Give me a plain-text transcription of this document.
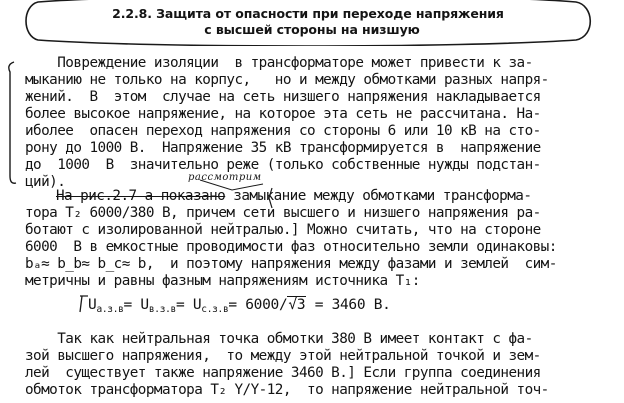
2.2.8. Защита от опасности при переходе напряжения
с высшей стороны на низшую
Повреждение изоляции  в трансформаторе может привести к за-
мыканию не только на корпус,   но и между обмотками разных напря-
жений.  В  этом  случае на сеть низшего напряжения накладывается
более высокое напряжение, на которое эта сеть не рассчитана. На-
иболее  опасен переход напряжения со стороны 6 или 10 кВ на сто-
рону до 1000 В.  Напряжение 35 кВ трансформируется в  напряжение
до  1000  В  значительно реже (только собственные нужды подстан-
ций).	рассмотрим
На рис.2.7 а показано замыкание между обмотками трансформа-
тора T₂ 6000/380 В, причем сети высшего и низшего напряжения ра-
ботают с изолированной нейтралью.] Можно считать, что на стороне
6000  В в емкостные проводимости фаз относительно земли одинаковы:
bₐ≈ b_b≈ b_c≈ b,  и поэтому напряжения между фазами и землей  сим-
метричны и равны фазным напряжениям источника T₁:
$U_{а.з.в}= U_{в.з.в}= U_{с.з.в}= 6000/√3 = 3460$ В.
Так как нейтральная точка обмотки 380 В имеет контакт с фа-
зой высшего напряжения,  то между этой нейтральной точкой и зем-
лей  существует также напряжение 3460 В.] Если группа соединения
обмоток трансформатора T₂ Y/Y-12,  то напряжение нейтральной точ-
